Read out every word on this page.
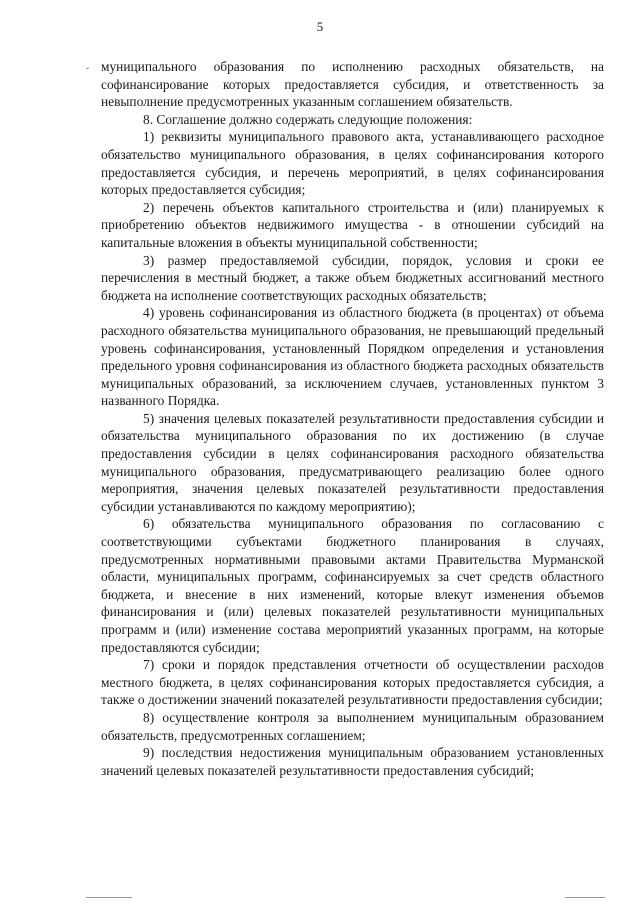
5
ˇ муниципального образования по исполнению расходных обязательств, на софинансирование которых предоставляется субсидия, и ответственность за невыполнение предусмотренных указанным соглашением обязательств.

8. Соглашение должно содержать следующие положения:

1) реквизиты муниципального правового акта, устанавливающего расходное обязательство муниципального образования, в целях софинансирования которого предоставляется субсидия, и перечень мероприятий, в целях софинансирования которых предоставляется субсидия;

2) перечень объектов капитального строительства и (или) планируемых к приобретению объектов недвижимого имущества - в отношении субсидий на капитальные вложения в объекты муниципальной собственности;

3) размер предоставляемой субсидии, порядок, условия и сроки ее перечисления в местный бюджет, а также объем бюджетных ассигнований местного бюджета на исполнение соответствующих расходных обязательств;

4) уровень софинансирования из областного бюджета (в процентах) от объема расходного обязательства муниципального образования, не превышающий предельный уровень софинансирования, установленный Порядком определения и установления предельного уровня софинансирования из областного бюджета расходных обязательств муниципальных образований, за исключением случаев, установленных пунктом 3 названного Порядка.

5) значения целевых показателей результативности предоставления субсидии и обязательства муниципального образования по их достижению (в случае предоставления субсидии в целях софинансирования расходного обязательства муниципального образования, предусматривающего реализацию более одного мероприятия, значения целевых показателей результативности предоставления субсидии устанавливаются по каждому мероприятию);

6) обязательства муниципального образования по согласованию с соответствующими субъектами бюджетного планирования в случаях, предусмотренных нормативными правовыми актами Правительства Мурманской области, муниципальных программ, софинансируемых за счет средств областного бюджета, и внесение в них изменений, которые влекут изменения объемов финансирования и (или) целевых показателей результативности муниципальных программ и (или) изменение состава мероприятий указанных программ, на которые предоставляются субсидии;

7) сроки и порядок представления отчетности об осуществлении расходов местного бюджета, в целях софинансирования которых предоставляется субсидия, а также о достижении значений показателей результативности предоставления субсидии;

8) осуществление контроля за выполнением муниципальным образованием обязательств, предусмотренных соглашением;

9) последствия недостижения муниципальным образованием установленных значений целевых показателей результативности предоставления субсидий;
